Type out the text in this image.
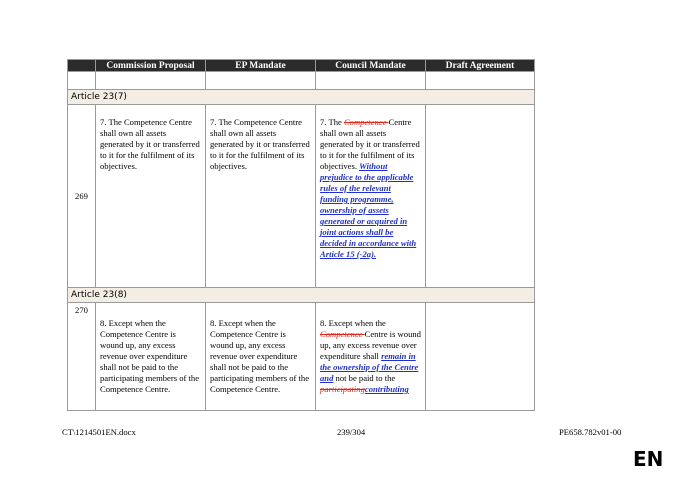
	Commission Proposal	EP Mandate	Council Mandate	Draft Agreement

Article 23(7)				
269	7. The Competence Centre shall own all assets generated by it or transferred to it for the fulfilment of its objectives.	7. The Competence Centre shall own all assets generated by it or transferred to it for the fulfilment of its objectives.	7. The Competence Centre shall own all assets generated by it or transferred to it for the fulfilment of its objectives. Without prejudice to the applicable rules of the relevant funding programme, ownership of assets generated or acquired in joint actions shall be decided in accordance with Article 15 (-2a).	
Article 23(8)				
270	8. Except when the Competence Centre is wound up, any excess revenue over expenditure shall not be paid to the participating members of the Competence Centre.	8. Except when the Competence Centre is wound up, any excess revenue over expenditure shall not be paid to the participating members of the Competence Centre.	8. Except when the Competence Centre is wound up, any excess revenue over expenditure shall remain in the ownership of the Centre and not be paid to the participatingcontributing	
CT\1214501EN.docx	239/304	PE658.782v01-00
EN
